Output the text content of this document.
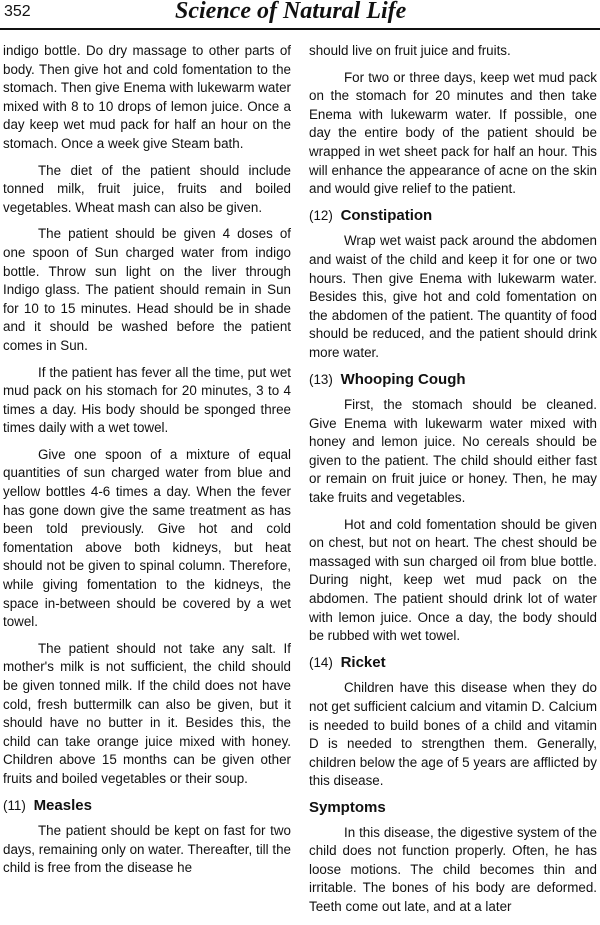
352	Science of Natural Life

indigo bottle. Do dry massage to other parts of body. Then give hot and cold fomentation to the stomach. Then give Enema with lukewarm water mixed with 8 to 10 drops of lemon juice. Once a day keep wet mud pack for half an hour on the stomach. Once a week give Steam bath.

The diet of the patient should include tonned milk, fruit juice, fruits and boiled vegetables. Wheat mash can also be given.

The patient should be given 4 doses of one spoon of Sun charged water from indigo bottle. Throw sun light on the liver through Indigo glass. The patient should remain in Sun for 10 to 15 minutes. Head should be in shade and it should be washed before the patient comes in Sun.

If the patient has fever all the time, put wet mud pack on his stomach for 20 minutes, 3 to 4 times a day. His body should be sponged three times daily with a wet towel.

Give one spoon of a mixture of equal quantities of sun charged water from blue and yellow bottles 4-6 times a day. When the fever has gone down give the same treatment as has been told previously. Give hot and cold fomentation above both kidneys, but heat should not be given to spinal column. Therefore, while giving fomentation to the kidneys, the space in-between should be covered by a wet towel.

The patient should not take any salt. If mother's milk is not sufficient, the child should be given tonned milk. If the child does not have cold, fresh buttermilk can also be given, but it should have no butter in it. Besides this, the child can take orange juice mixed with honey. Children above 15 months can be given other fruits and boiled vegetables or their soup.

(11) Measles

The patient should be kept on fast for two days, remaining only on water. Thereafter, till the child is free from the disease he

should live on fruit juice and fruits.

For two or three days, keep wet mud pack on the stomach for 20 minutes and then take Enema with lukewarm water. If possible, one day the entire body of the patient should be wrapped in wet sheet pack for half an hour. This will enhance the appearance of acne on the skin and would give relief to the patient.

(12) Constipation

Wrap wet waist pack around the abdomen and waist of the child and keep it for one or two hours. Then give Enema with lukewarm water. Besides this, give hot and cold fomentation on the abdomen of the patient. The quantity of food should be reduced, and the patient should drink more water.

(13) Whooping Cough

First, the stomach should be cleaned. Give Enema with lukewarm water mixed with honey and lemon juice. No cereals should be given to the patient. The child should either fast or remain on fruit juice or honey. Then, he may take fruits and vegetables.

Hot and cold fomentation should be given on chest, but not on heart. The chest should be massaged with sun charged oil from blue bottle. During night, keep wet mud pack on the abdomen. The patient should drink lot of water with lemon juice. Once a day, the body should be rubbed with wet towel.

(14) Ricket

Children have this disease when they do not get sufficient calcium and vitamin D. Calcium is needed to build bones of a child and vitamin D is needed to strengthen them. Generally, children below the age of 5 years are afflicted by this disease.

Symptoms

In this disease, the digestive system of the child does not function properly. Often, he has loose motions. The child becomes thin and irritable. The bones of his body are deformed. Teeth come out late, and at a later
